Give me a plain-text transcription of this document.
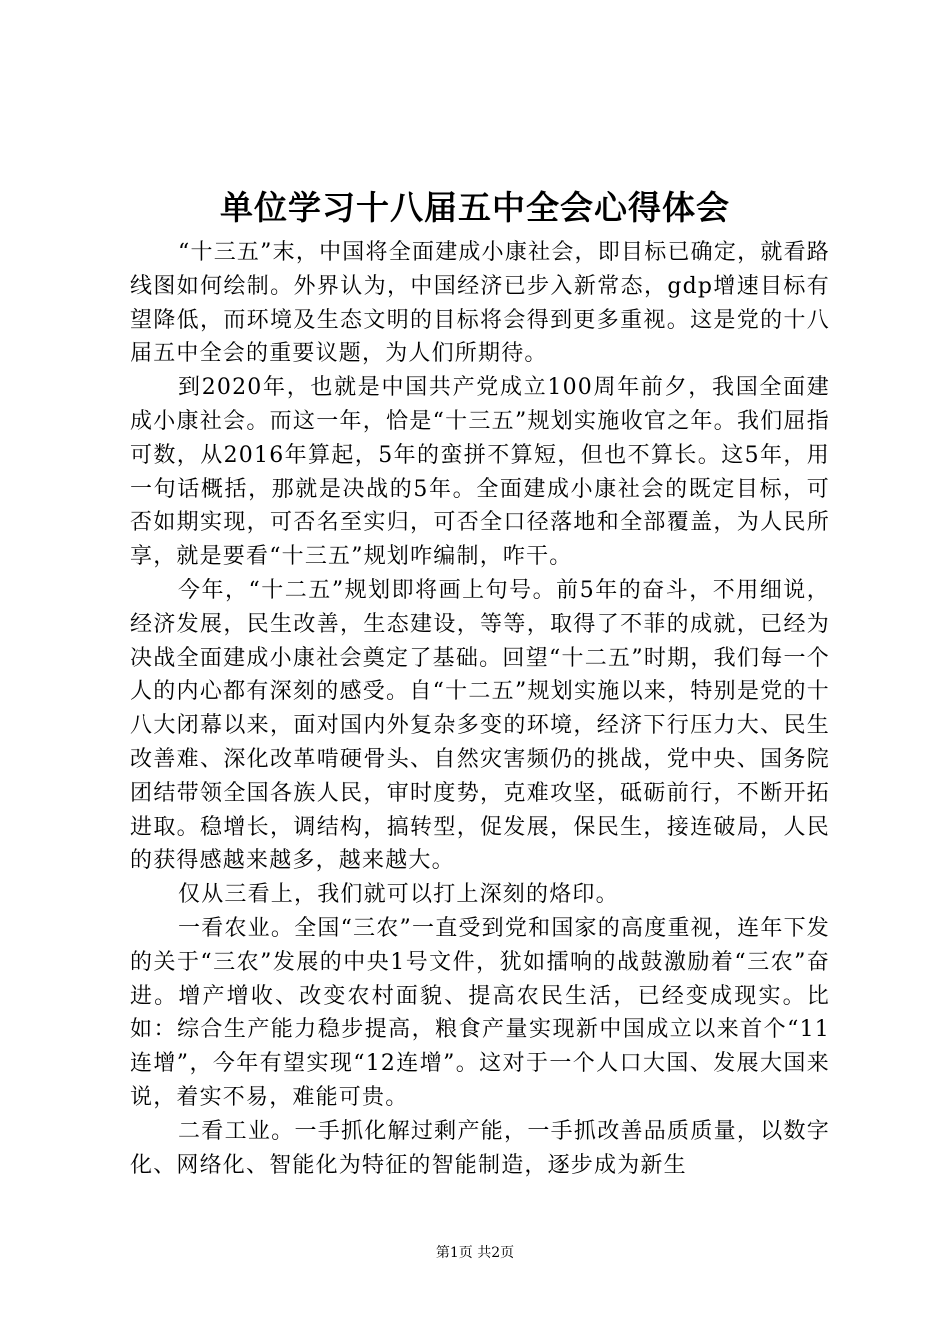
单位学习十八届五中全会心得体会

“十三五”末，中国将全面建成小康社会，即目标已确定，就看路线图如何绘制。外界认为，中国经济已步入新常态，gdp增速目标有望降低，而环境及生态文明的目标将会得到更多重视。这是党的十八届五中全会的重要议题，为人们所期待。

到2020年，也就是中国共产党成立100周年前夕，我国全面建成小康社会。而这一年，恰是“十三五”规划实施收官之年。我们屈指可数，从2016年算起，5年的蛮拼不算短，但也不算长。这5年，用一句话概括，那就是决战的5年。全面建成小康社会的既定目标，可否如期实现，可否名至实归，可否全口径落地和全部覆盖，为人民所享，就是要看“十三五”规划咋编制，咋干。

今年，“十二五”规划即将画上句号。前5年的奋斗，不用细说，经济发展，民生改善，生态建设，等等，取得了不菲的成就，已经为决战全面建成小康社会奠定了基础。回望“十二五”时期，我们每一个人的内心都有深刻的感受。自“十二五”规划实施以来，特别是党的十八大闭幕以来，面对国内外复杂多变的环境，经济下行压力大、民生改善难、深化改革啃硬骨头、自然灾害频仍的挑战，党中央、国务院团结带领全国各族人民，审时度势，克难攻坚，砥砺前行，不断开拓进取。稳增长，调结构，搞转型，促发展，保民生，接连破局，人民的获得感越来越多，越来越大。

仅从三看上，我们就可以打上深刻的烙印。

一看农业。全国“三农”一直受到党和国家的高度重视，连年下发的关于“三农”发展的中央1号文件，犹如擂响的战鼓激励着“三农”奋进。增产增收、改变农村面貌、提高农民生活，已经变成现实。比如：综合生产能力稳步提高，粮食产量实现新中国成立以来首个“11连增”，今年有望实现“12连增”。这对于一个人口大国、发展大国来说，着实不易，难能可贵。

二看工业。一手抓化解过剩产能，一手抓改善品质质量，以数字化、网络化、智能化为特征的智能制造，逐步成为新生

第1页 共2页
